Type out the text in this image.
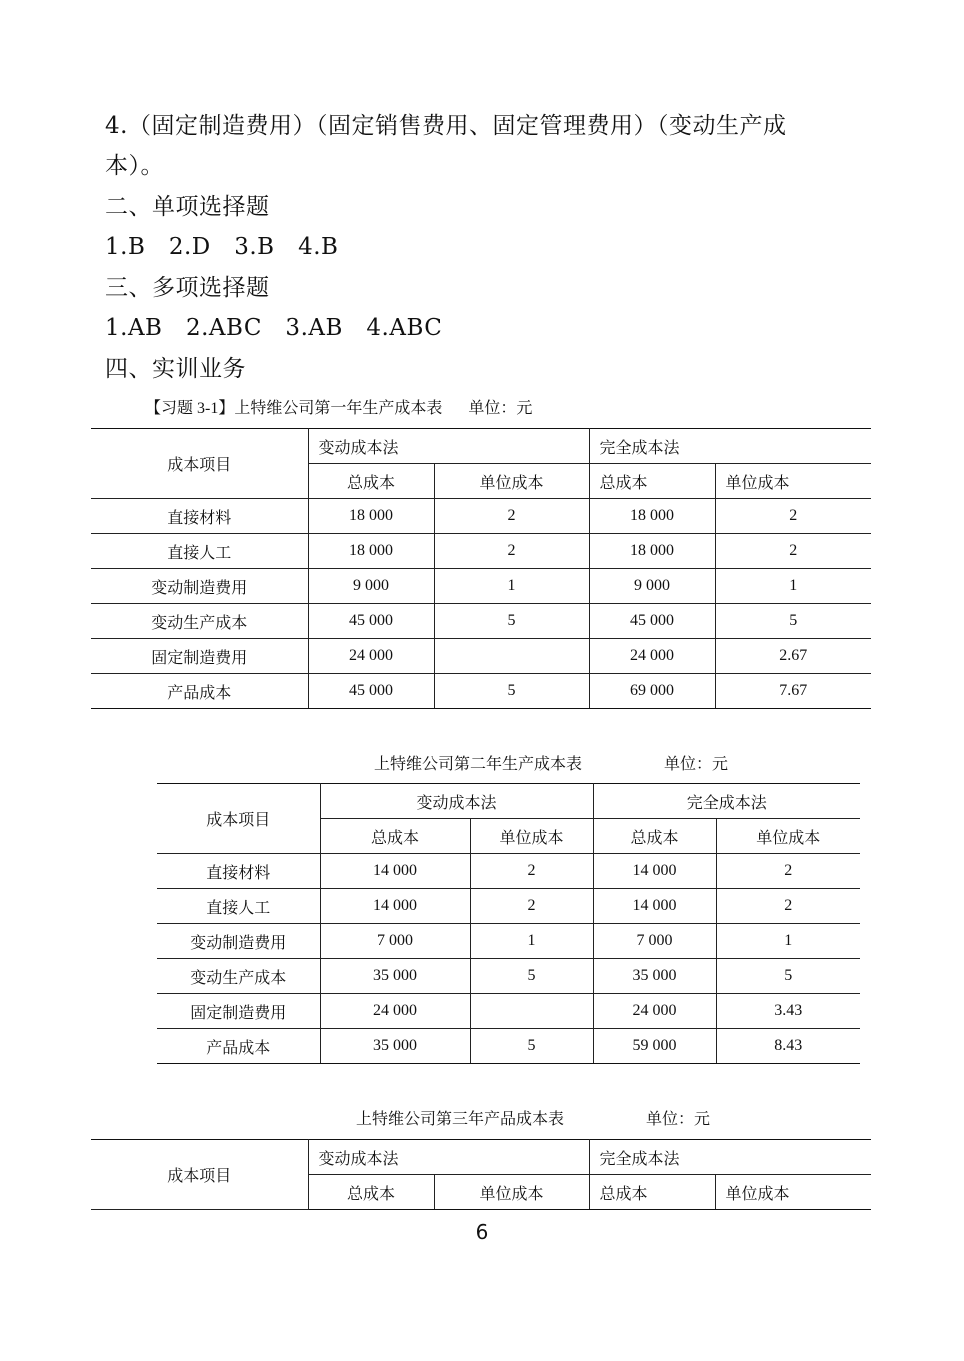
4.（固定制造费用）（固定销售费用、固定管理费用）（变动生产成
本）。
二、单项选择题
1.B　2.D　3.B　4.B
三、多项选择题
1.AB　2.ABC　3.AB　4.ABC
四、实训业务
【习题 3-1】上特维公司第一年生产成本表 单位：元
成本项目	变动成本法		完全成本法	
	总成本	单位成本	总成本	单位成本
直接材料	18 000	2	18 000	2
直接人工	18 000	2	18 000	2
变动制造费用	9 000	1	9 000	1
变动生产成本	45 000	5	45 000	5
固定制造费用	24 000		24 000	2.67
产品成本	45 000	5	69 000	7.67
上特维公司第二年生产成本表	单位：元
成本项目	变动成本法		完全成本法	
	总成本	单位成本	总成本	单位成本
直接材料	14 000	2	14 000	2
直接人工	14 000	2	14 000	2
变动制造费用	7 000	1	7 000	1
变动生产成本	35 000	5	35 000	5
固定制造费用	24 000		24 000	3.43
产品成本	35 000	5	59 000	8.43
上特维公司第三年产品成本表	单位：元
成本项目	变动成本法		完全成本法	
	总成本	单位成本	总成本	单位成本
6
